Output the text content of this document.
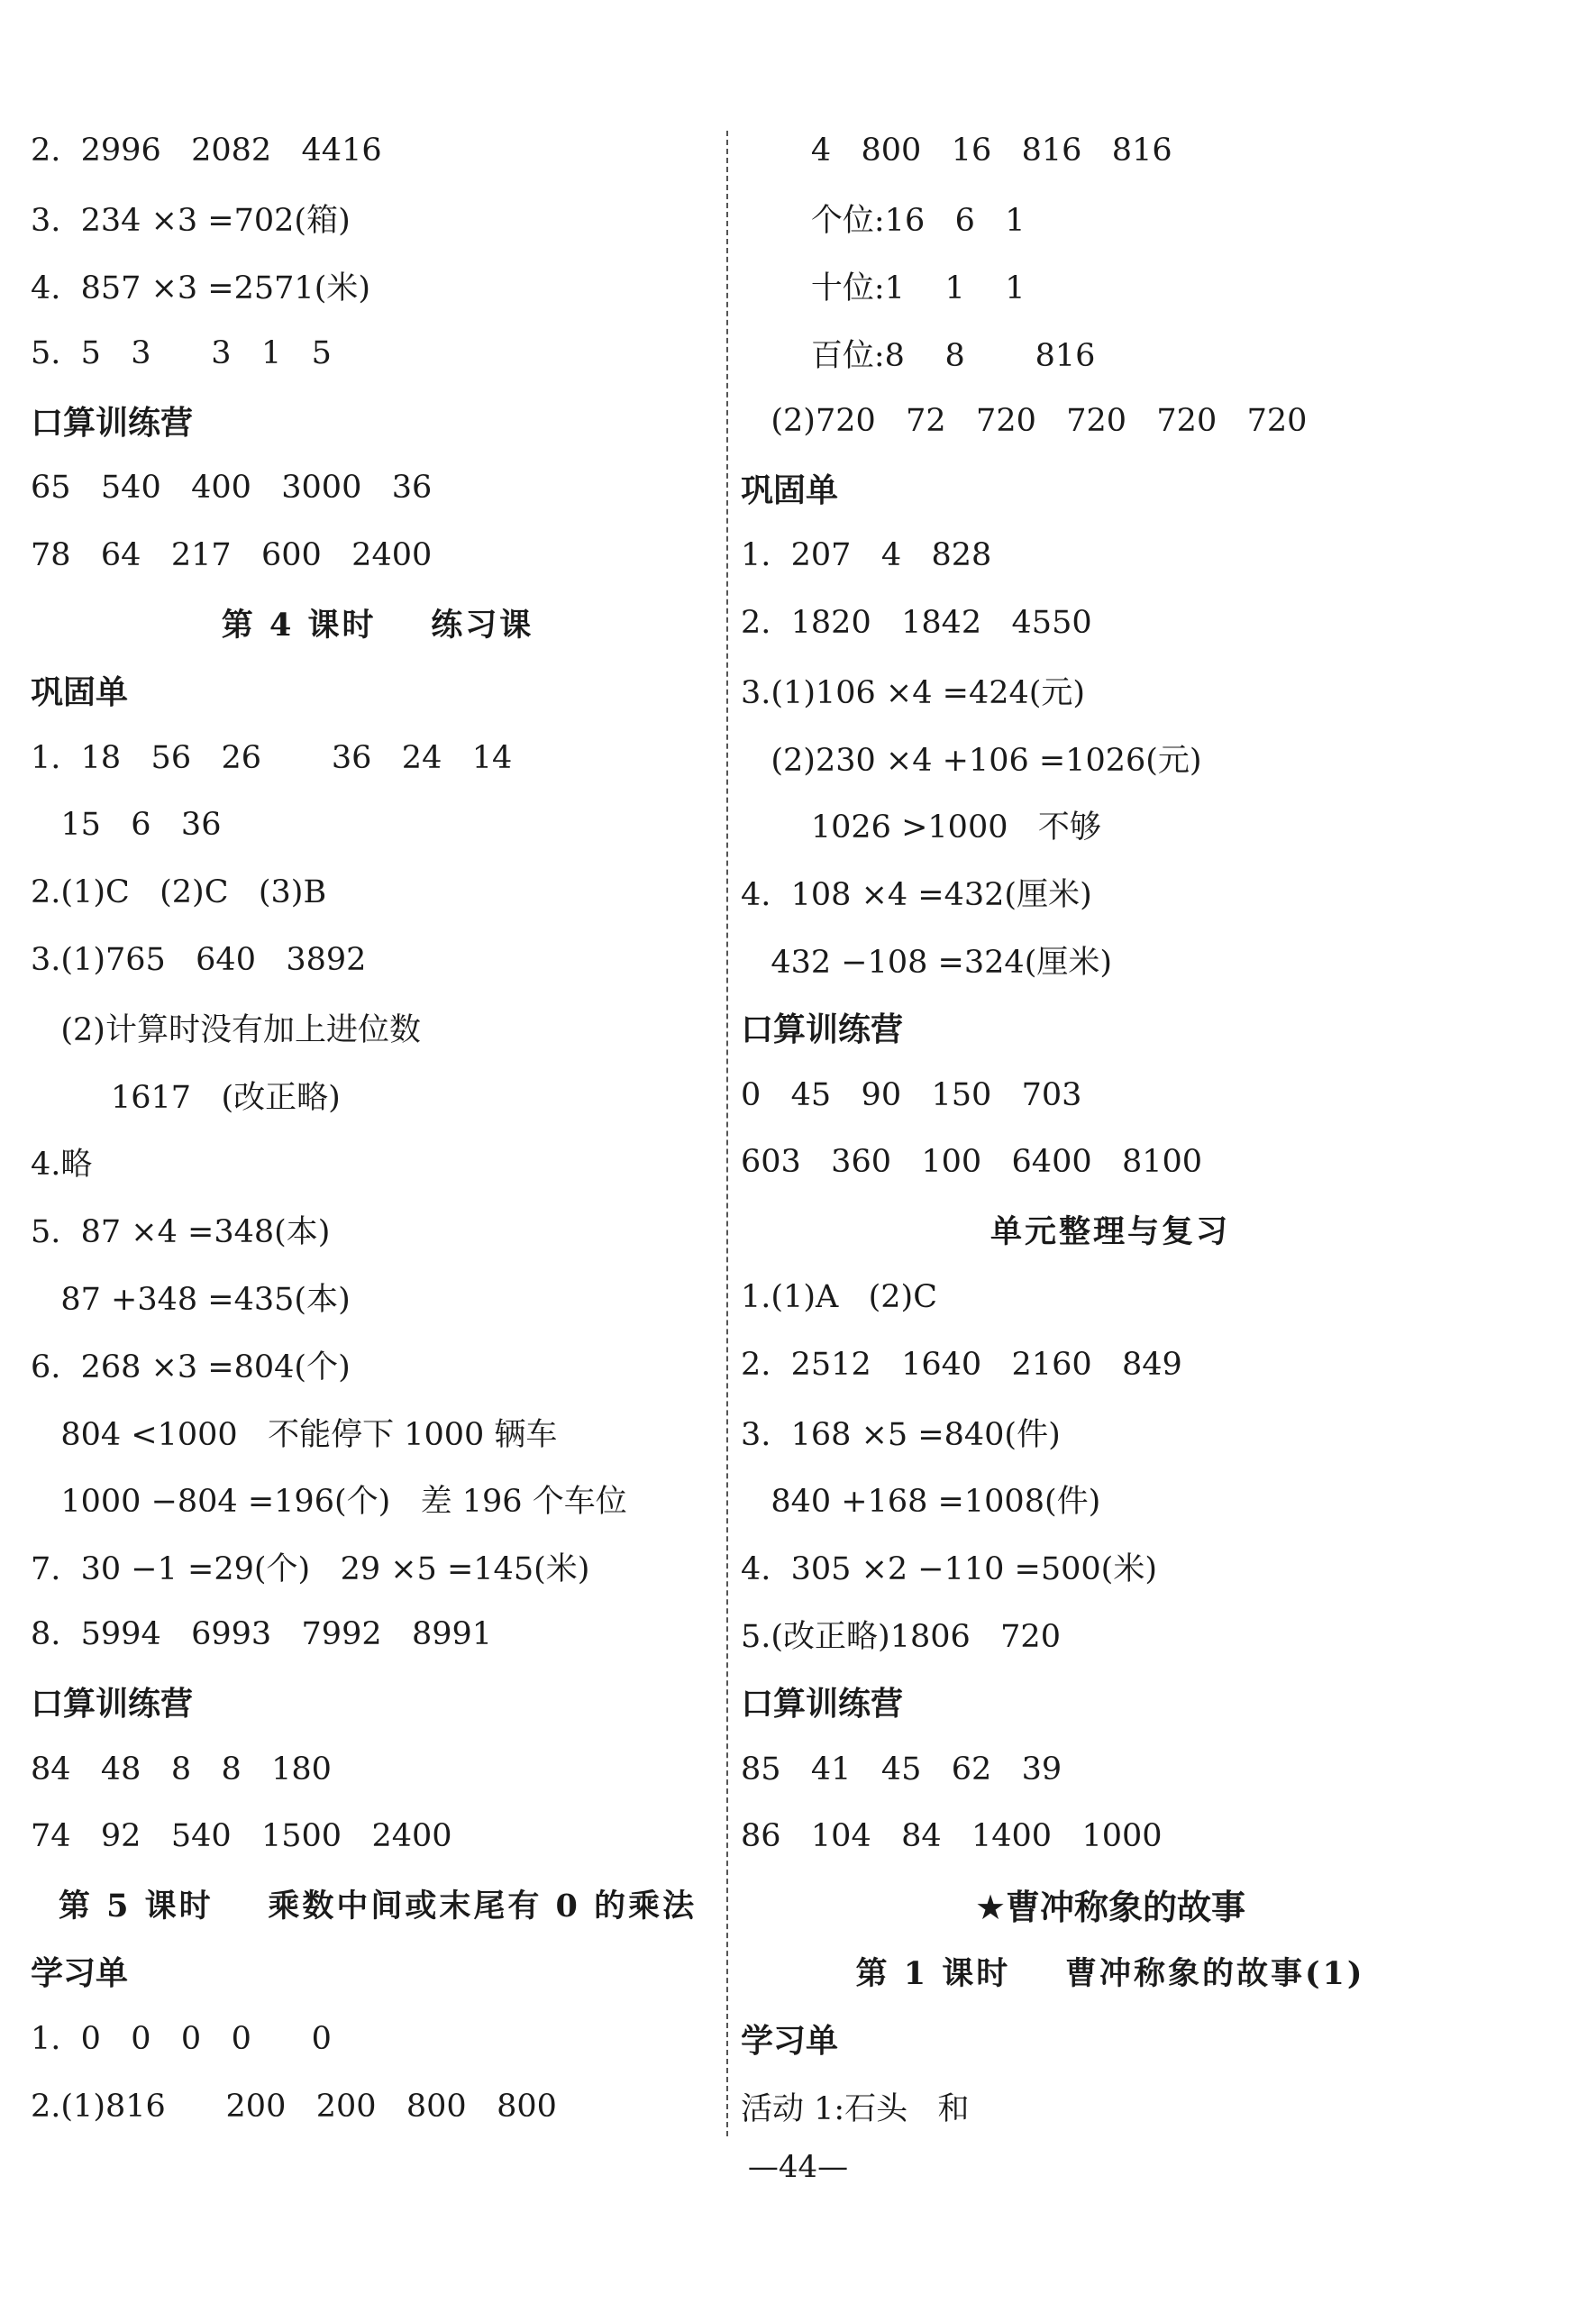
2.  2996   2082   4416
3.  234 ×3 =702(箱)
4.  857 ×3 =2571(米)
5.  5   3      3   1   5
口算训练营
65   540   400   3000   36
78   64   217   600   2400
第 4 课时    练习课
巩固单
1.  18   56   26       36   24   14
15   6   36
2.(1)C   (2)C   (3)B
3.(1)765   640   3892
(2)计算时没有加上进位数
1617   (改正略)
4.略
5.  87 ×4 =348(本)
87 +348 =435(本)
6.  268 ×3 =804(个)
804 <1000   不能停下 1000 辆车
1000 −804 =196(个)   差 196 个车位
7.  30 −1 =29(个)   29 ×5 =145(米)
8.  5994   6993   7992   8991
口算训练营
84   48   8   8   180
74   92   540   1500   2400
第 5 课时    乘数中间或末尾有 0 的乘法
学习单
1.  0   0   0   0      0
2.(1)816      200   200   800   800
4   800   16   816   816
个位:16   6   1
十位:1    1    1
百位:8    8       816
(2)720   72   720   720   720   720
巩固单
1.  207   4   828
2.  1820   1842   4550
3.(1)106 ×4 =424(元)
(2)230 ×4 +106 =1026(元)
1026 >1000   不够
4.  108 ×4 =432(厘米)
432 −108 =324(厘米)
口算训练营
0   45   90   150   703
603   360   100   6400   8100
单元整理与复习
1.(1)A   (2)C
2.  2512   1640   2160   849
3.  168 ×5 =840(件)
840 +168 =1008(件)
4.  305 ×2 −110 =500(米)
5.(改正略)1806   720
口算训练营
85   41   45   62   39
86   104   84   1400   1000
★曹冲称象的故事
第 1 课时    曹冲称象的故事(1)
学习单
活动 1:石头   和
—44—
